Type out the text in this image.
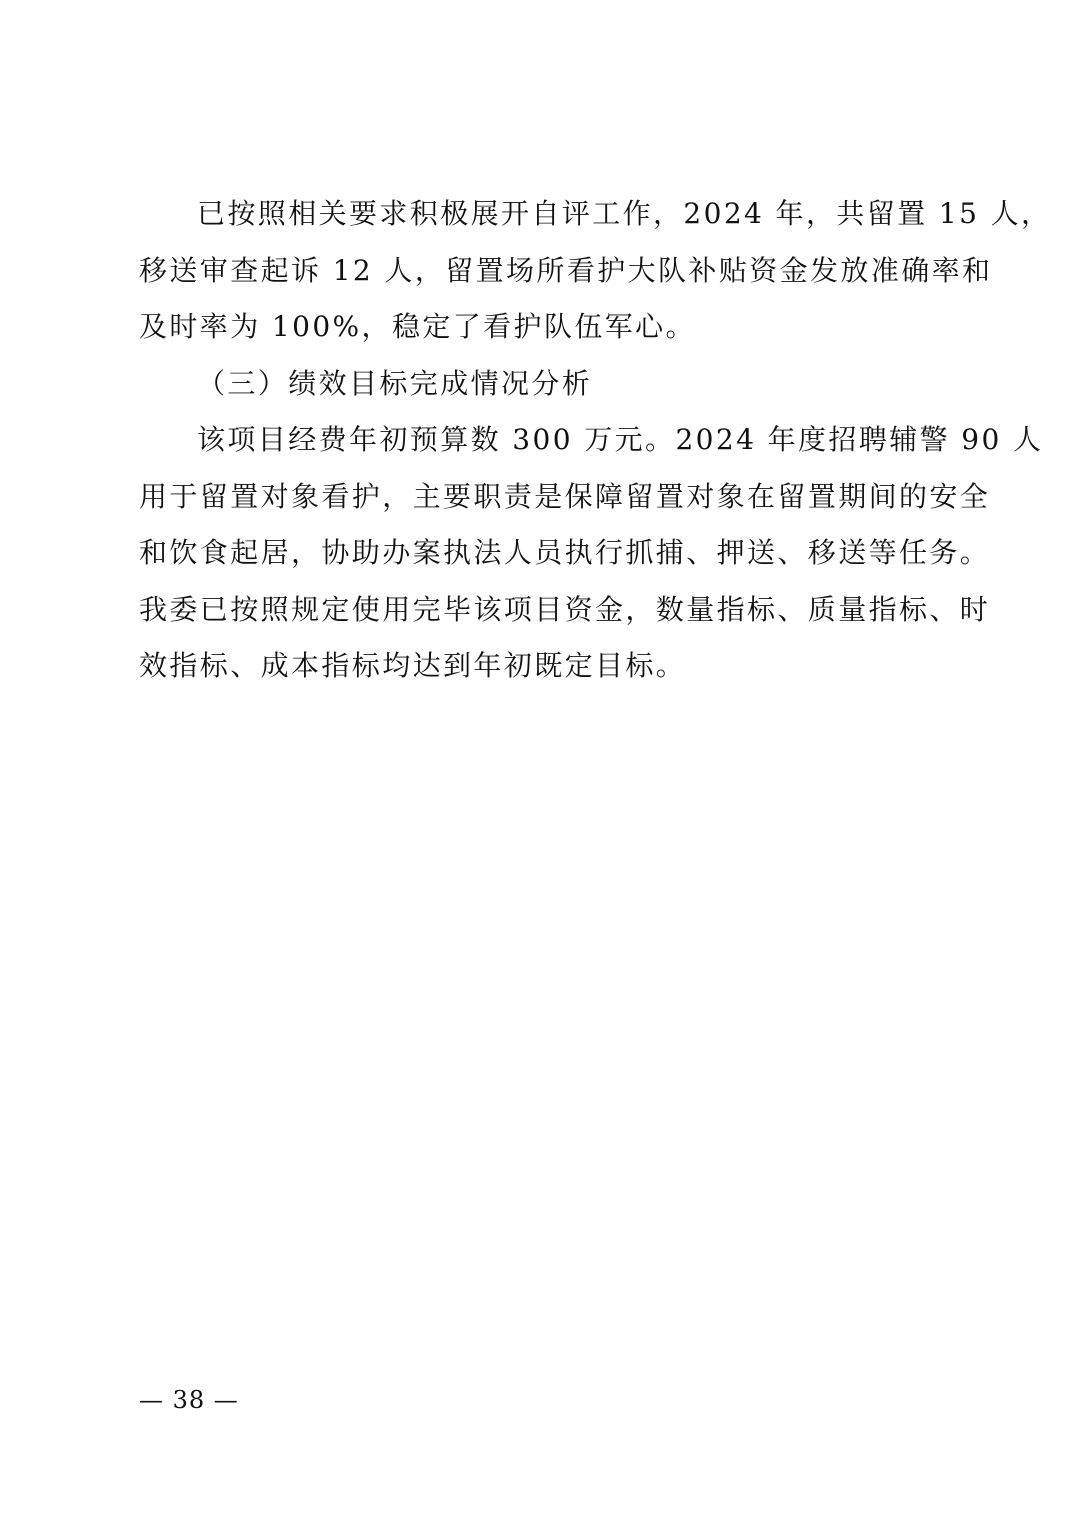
已按照相关要求积极展开自评工作，2024 年，共留置 15 人，
移送审查起诉 12 人，留置场所看护大队补贴资金发放准确率和
及时率为 100%，稳定了看护队伍军心。
（三）绩效目标完成情况分析
该项目经费年初预算数 300 万元。2024 年度招聘辅警 90 人
用于留置对象看护，主要职责是保障留置对象在留置期间的安全
和饮食起居，协助办案执法人员执行抓捕、押送、移送等任务。
我委已按照规定使用完毕该项目资金，数量指标、质量指标、时
效指标、成本指标均达到年初既定目标。
— 38 —
